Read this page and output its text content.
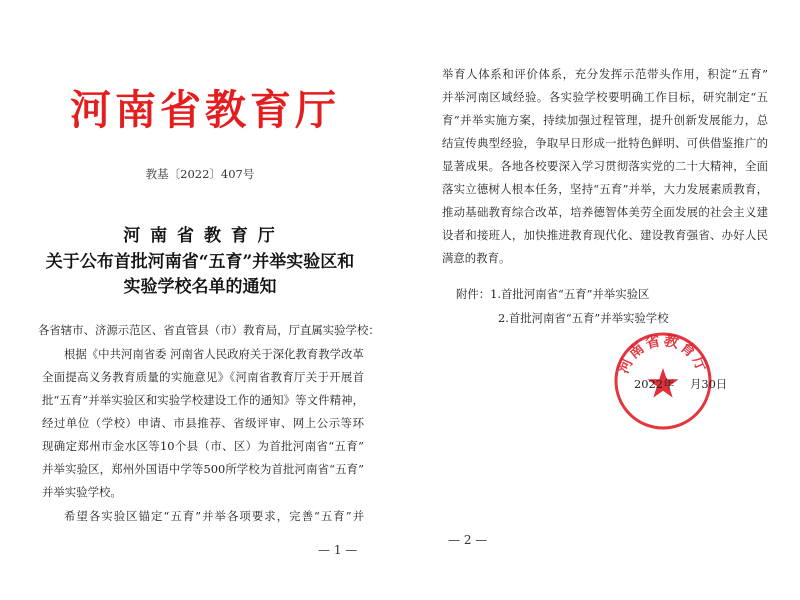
河南省教育厅
教基〔2022〕407号
河 南 省 教 育 厅
关于公布首批河南省“五育”并举实验区和
实验学校名单的通知
各省辖市、济源示范区、省直管县（市）教育局，厅直属实验学校：
根据《中共河南省委 河南省人民政府关于深化教育教学改革
全面提高义务教育质量的实施意见》《河南省教育厅关于开展首
批“五育”并举实验区和实验学校建设工作的通知》等文件精神，
经过单位（学校）申请、市县推荐、省级评审、网上公示等环
现确定郑州市金水区等10个县（市、区）为首批河南省“五育”
并举实验区，郑州外国语中学等500所学校为首批河南省“五育”
并举实验学校。
希望各实验区锚定“五育”并举各项要求，完善“五育”并
— 1 —
举育人体系和评价体系，充分发挥示范带头作用，积淀“五育”
并举河南区域经验。各实验学校要明确工作目标，研究制定“五
育”并举实施方案，持续加强过程管理，提升创新发展能力，总
结宣传典型经验，争取早日形成一批特色鲜明、可供借鉴推广的
显著成果。各地各校要深入学习贯彻落实党的二十大精神，全面
落实立德树人根本任务，坚持“五育”并举，大力发展素质教育，
推动基础教育综合改革，培养德智体美劳全面发展的社会主义建
设者和接班人，加快推进教育现代化、建设教育强省、办好人民
满意的教育。
附件：1.首批河南省“五育”并举实验区
2.首批河南省“五育”并举实验学校
2022年 月30日
— 2 —
河南省教育厅
